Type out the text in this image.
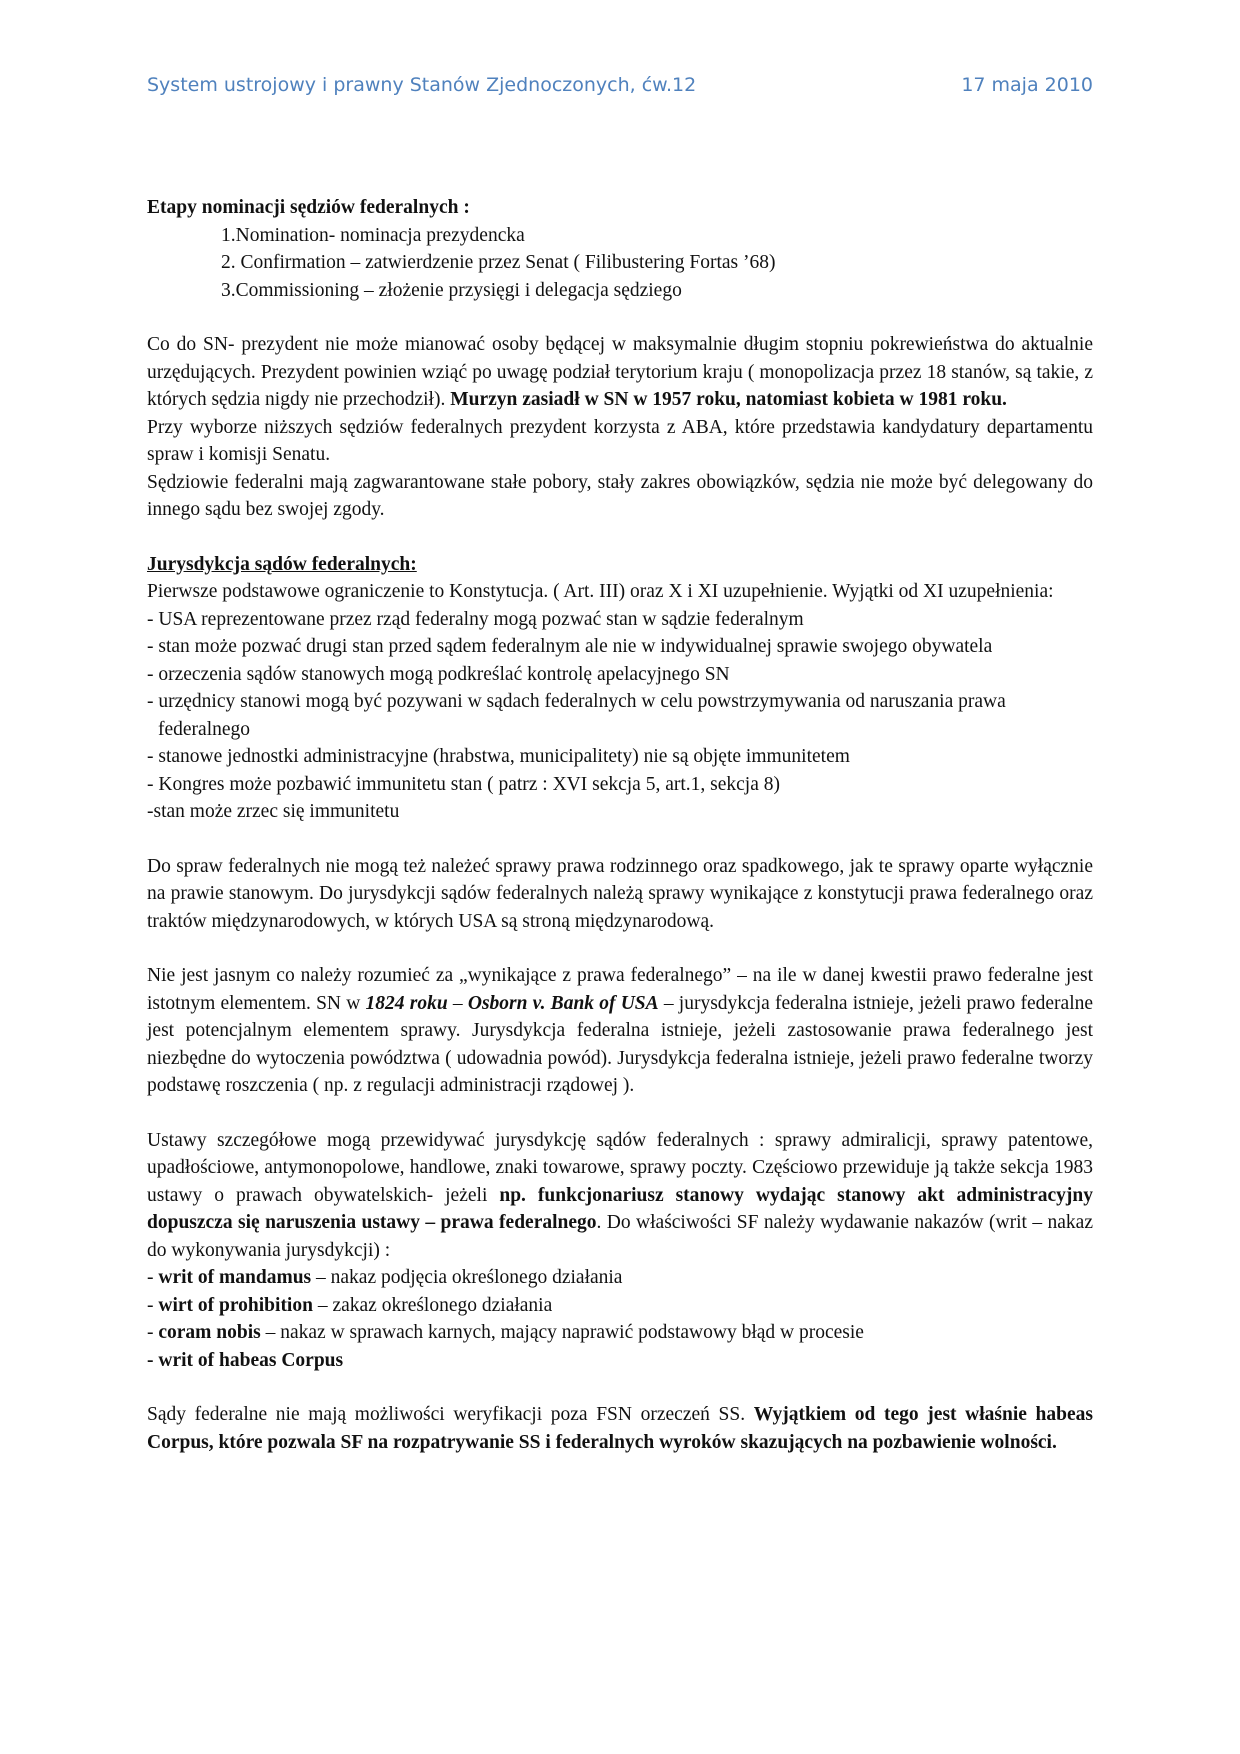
System ustrojowy i prawny Stanów Zjednoczonych, ćw.12	17 maja 2010

Etapy nominacji sędziów federalnych :

1.Nomination- nominacja prezydencka

2. Confirmation – zatwierdzenie przez Senat ( Filibustering Fortas ’68)

3.Commissioning – złożenie przysięgi i delegacja sędziego

Co do SN- prezydent nie może mianować osoby będącej w maksymalnie długim stopniu pokrewieństwa do aktualnie urzędujących. Prezydent powinien wziąć po uwagę podział terytorium kraju ( monopolizacja przez 18 stanów, są takie, z których sędzia nigdy nie przechodził). Murzyn zasiadł w SN w 1957 roku, natomiast kobieta w 1981 roku.

Przy wyborze niższych sędziów federalnych prezydent korzysta z ABA, które przedstawia kandydatury departamentu spraw i komisji Senatu.

Sędziowie federalni mają zagwarantowane stałe pobory, stały zakres obowiązków, sędzia nie może być delegowany do innego sądu bez swojej zgody.

Jurysdykcja sądów federalnych:

Pierwsze podstawowe ograniczenie to Konstytucja. ( Art. III) oraz X i XI uzupełnienie. Wyjątki od XI uzupełnienia:

- USA reprezentowane przez rząd federalny mogą pozwać stan w sądzie federalnym

- stan może pozwać drugi stan przed sądem federalnym ale nie w indywidualnej sprawie swojego obywatela

- orzeczenia sądów stanowych mogą podkreślać kontrolę apelacyjnego SN

- urzędnicy stanowi mogą być pozywani w sądach federalnych w celu powstrzymywania od naruszania prawa federalnego

- stanowe jednostki administracyjne (hrabstwa, municipalitety) nie są objęte immunitetem

- Kongres może pozbawić immunitetu stan ( patrz : XVI sekcja 5, art.1, sekcja 8)

-stan może zrzec się immunitetu

Do spraw federalnych nie mogą też należeć sprawy prawa rodzinnego oraz spadkowego, jak te sprawy oparte wyłącznie na prawie stanowym. Do jurysdykcji sądów federalnych należą sprawy wynikające z konstytucji prawa federalnego oraz traktów międzynarodowych, w których USA są stroną międzynarodową.

Nie jest jasnym co należy rozumieć za „wynikające z prawa federalnego” – na ile w danej kwestii prawo federalne jest istotnym elementem. SN w 1824 roku – Osborn v. Bank of USA – jurysdykcja federalna istnieje, jeżeli prawo federalne jest potencjalnym elementem sprawy. Jurysdykcja federalna istnieje, jeżeli zastosowanie prawa federalnego jest niezbędne do wytoczenia powództwa ( udowadnia powód). Jurysdykcja federalna istnieje, jeżeli prawo federalne tworzy podstawę roszczenia ( np. z regulacji administracji rządowej ).

Ustawy szczegółowe mogą przewidywać jurysdykcję sądów federalnych : sprawy admiralicji, sprawy patentowe, upadłościowe, antymonopolowe, handlowe, znaki towarowe, sprawy poczty. Częściowo przewiduje ją także sekcja 1983 ustawy o prawach obywatelskich- jeżeli np. funkcjonariusz stanowy wydając stanowy akt administracyjny dopuszcza się naruszenia ustawy – prawa federalnego. Do właściwości SF należy wydawanie nakazów (writ – nakaz do wykonywania jurysdykcji) :

- writ of mandamus – nakaz podjęcia określonego działania

- wirt of prohibition – zakaz określonego działania

- coram nobis – nakaz w sprawach karnych, mający naprawić podstawowy błąd w procesie

- writ of habeas Corpus

Sądy federalne nie mają możliwości weryfikacji poza FSN orzeczeń SS. Wyjątkiem od tego jest właśnie habeas Corpus, które pozwala SF na rozpatrywanie SS i federalnych wyroków skazujących na pozbawienie wolności.
